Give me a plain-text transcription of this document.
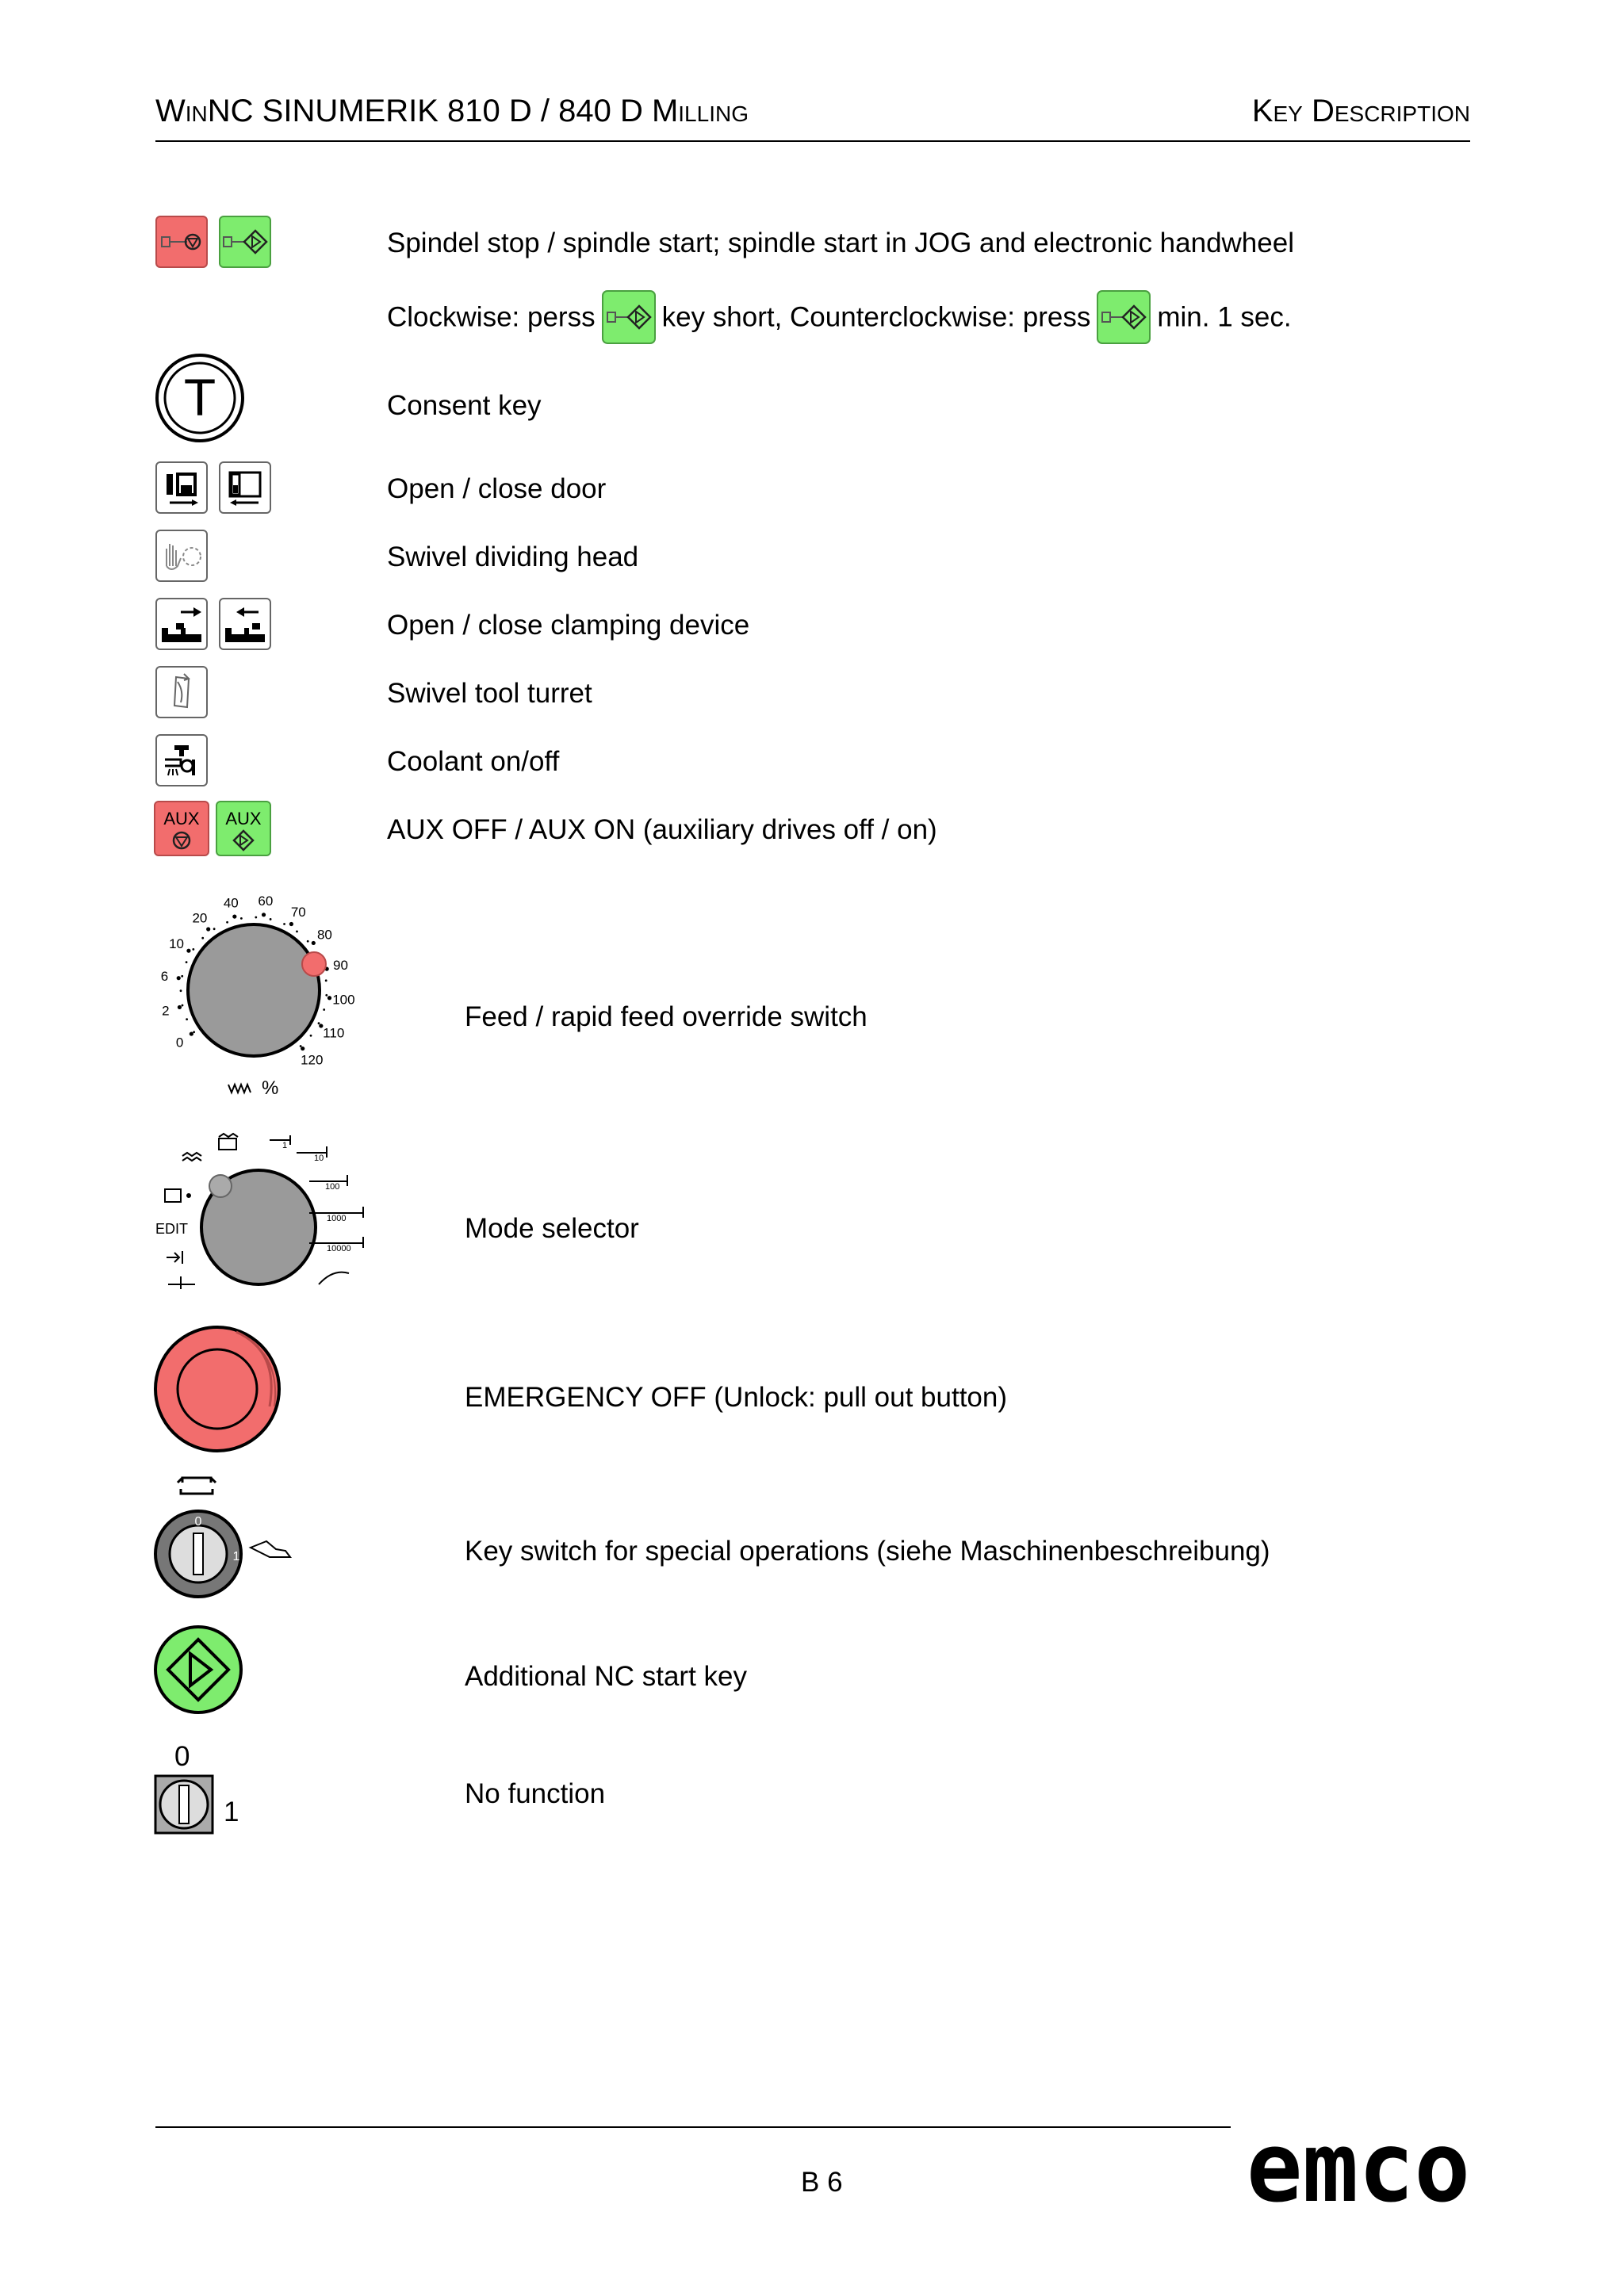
WinNC SINUMERIK 810 D / 840 D Milling	Key Description
Spindel stop / spindle start; spindle start in JOG and electronic handwheel
Clockwise: perss key short, Counterclockwise: press min. 1 sec.
T	Consent key
Open / close door
Swivel dividing head
Open / close clamping device
Swivel tool turret
Coolant on/off
AUX AUX	AUX OFF / AUX ON (auxiliary drives off / on)
0
2
6
10
20
40 60
70
80
90
100
110
120
%
Feed / rapid feed override switch
EDIT
1
10
100
1000
10000
Mode selector
EMERGENCY OFF (Unlock: pull out button)
0
1	Key switch for special operations (siehe Maschinenbeschreibung)
Additional NC start key
0
1
No function
B 6	emco
